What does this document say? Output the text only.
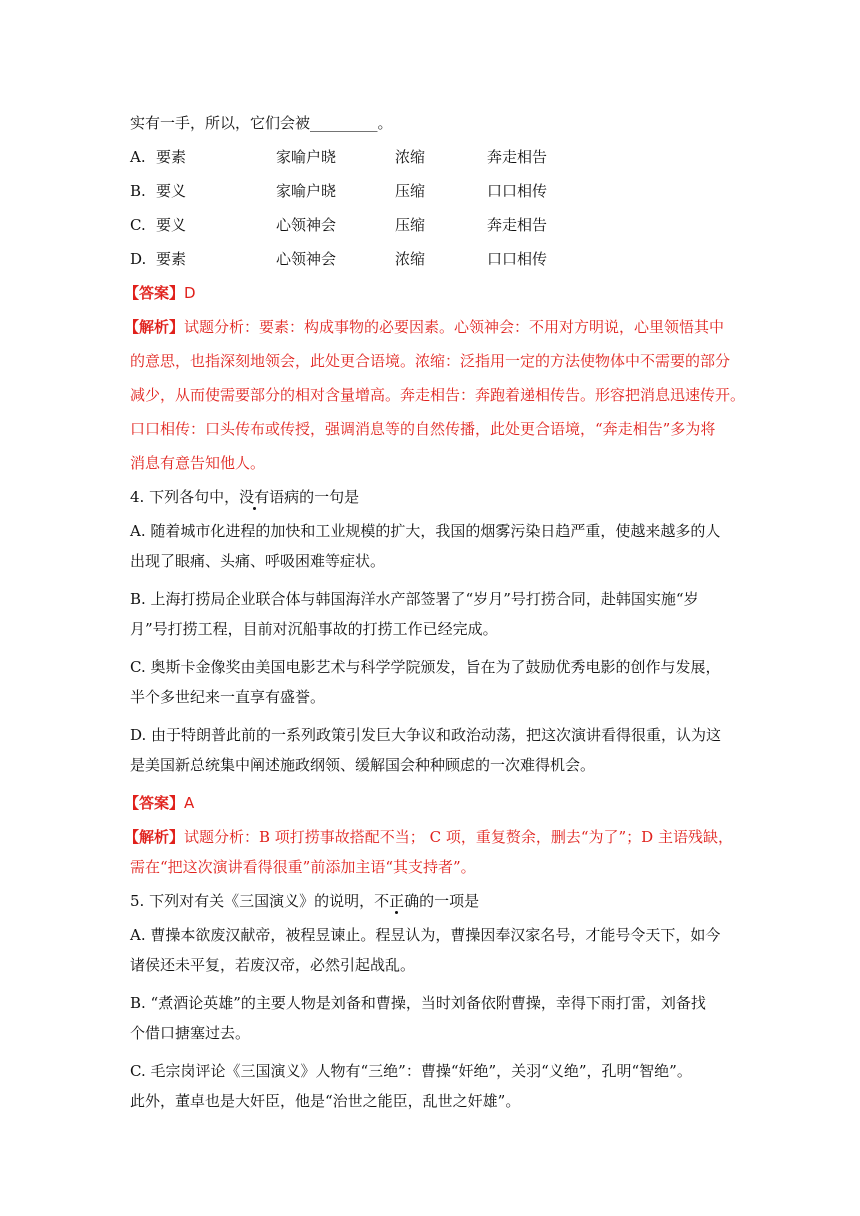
实有一手，所以，它们会被_________。
A. 要素	家喻户晓	浓缩	奔走相告
B. 要义	家喻户晓	压缩	口口相传
C. 要义	心领神会	压缩	奔走相告
D. 要素	心领神会	浓缩	口口相传
【答案】D
【解析】试题分析：要素：构成事物的必要因素。心领神会：不用对方明说，心里领悟其中
的意思，也指深刻地领会，此处更合语境。浓缩：泛指用一定的方法使物体中不需要的部分
减少，从而使需要部分的相对含量增高。奔走相告：奔跑着递相传告。形容把消息迅速传开。
口口相传：口头传布或传授，强调消息等的自然传播，此处更合语境，“奔走相告”多为将
消息有意告知他人。
4. 下列各句中，没有语病的一句是
A. 随着城市化进程的加快和工业规模的扩大，我国的烟雾污染日趋严重，使越来越多的人
出现了眼痛、头痛、呼吸困难等症状。
B. 上海打捞局企业联合体与韩国海洋水产部签署了“岁月”号打捞合同，赴韩国实施“岁
月”号打捞工程，目前对沉船事故的打捞工作已经完成。
C. 奥斯卡金像奖由美国电影艺术与科学学院颁发，旨在为了鼓励优秀电影的创作与发展，
半个多世纪来一直享有盛誉。
D. 由于特朗普此前的一系列政策引发巨大争议和政治动荡，把这次演讲看得很重，认为这
是美国新总统集中阐述施政纲领、缓解国会种种顾虑的一次难得机会。
【答案】A
【解析】试题分析：B 项打捞事故搭配不当； C 项，重复赘余，删去“为了”；D 主语残缺，
需在“把这次演讲看得很重”前添加主语“其支持者”。
5. 下列对有关《三国演义》的说明，不正确的一项是
A. 曹操本欲废汉献帝，被程昱谏止。程昱认为，曹操因奉汉家名号，才能号令天下，如今
诸侯还未平复，若废汉帝，必然引起战乱。
B. “煮酒论英雄”的主要人物是刘备和曹操，当时刘备依附曹操，幸得下雨打雷，刘备找
个借口搪塞过去。
C. 毛宗岗评论《三国演义》人物有“三绝”：曹操“奸绝”，关羽“义绝”，孔明“智绝”。
此外，董卓也是大奸臣，他是“治世之能臣，乱世之奸雄”。
